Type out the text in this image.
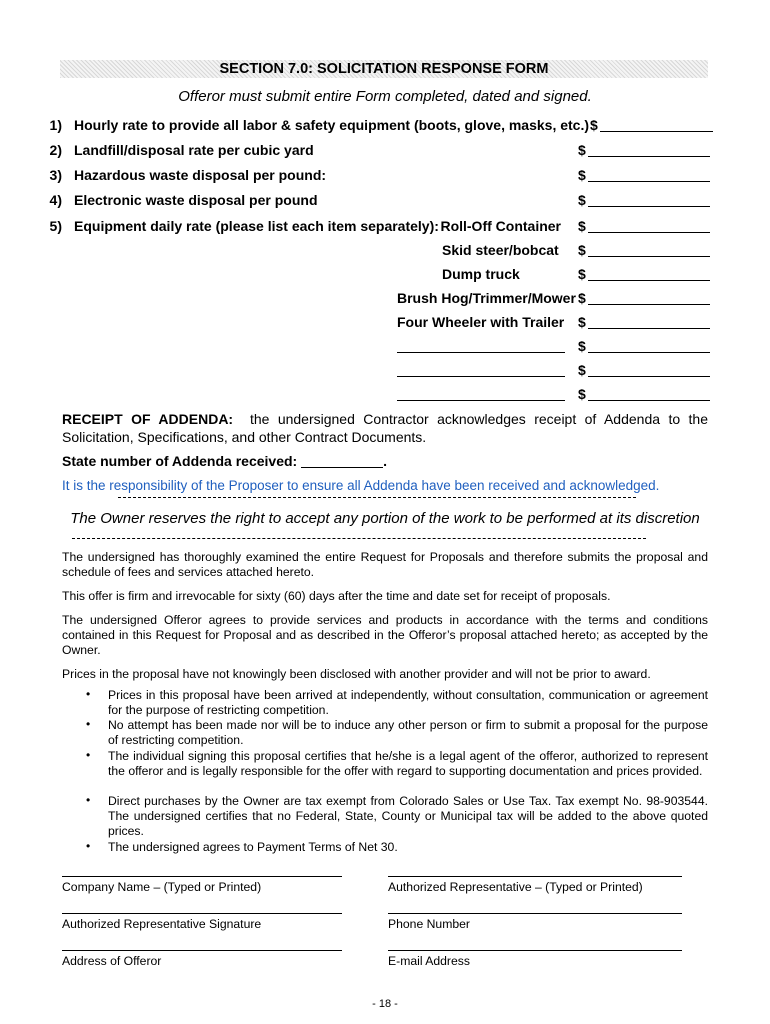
SECTION 7.0: SOLICITATION RESPONSE FORM
Offeror must submit entire Form completed, dated and signed.
1) Hourly rate to provide all labor & safety equipment (boots, glove, masks, etc.) $
2) Landfill/disposal rate per cubic yard	$
3) Hazardous waste disposal per pound:	$
4) Electronic waste disposal per pound	$
5) Equipment daily rate (please list each item separately): Roll-Off Container $
Skid steer/bobcat $
Dump truck	$
Brush Hog/Trimmer/Mower $
Four Wheeler with Trailer $
$
$
$
RECEIPT OF ADDENDA: the undersigned Contractor acknowledges receipt of Addenda to the Solicitation, Specifications, and other Contract Documents.
State number of Addenda received:	.
It is the responsibility of the Proposer to ensure all Addenda have been received and acknowledged.
The Owner reserves the right to accept any portion of the work to be performed at its discretion
The undersigned has thoroughly examined the entire Request for Proposals and therefore submits the proposal and schedule of fees and services attached hereto.
This offer is firm and irrevocable for sixty (60) days after the time and date set for receipt of proposals.
The undersigned Offeror agrees to provide services and products in accordance with the terms and conditions contained in this Request for Proposal and as described in the Offeror’s proposal attached hereto; as accepted by the Owner.
Prices in the proposal have not knowingly been disclosed with another provider and will not be prior to award.
• Prices in this proposal have been arrived at independently, without consultation, communication or agreement for the purpose of restricting competition.
• No attempt has been made nor will be to induce any other person or firm to submit a proposal for the purpose of restricting competition.
• The individual signing this proposal certifies that he/she is a legal agent of the offeror, authorized to represent the offeror and is legally responsible for the offer with regard to supporting documentation and prices provided.
• Direct purchases by the Owner are tax exempt from Colorado Sales or Use Tax. Tax exempt No. 98-903544. The undersigned certifies that no Federal, State, County or Municipal tax will be added to the above quoted prices.
• The undersigned agrees to Payment Terms of Net 30.
Company Name – (Typed or Printed)	Authorized Representative – (Typed or Printed)
Authorized Representative Signature	Phone Number
Address of Offeror	E-mail Address
- 18 -
